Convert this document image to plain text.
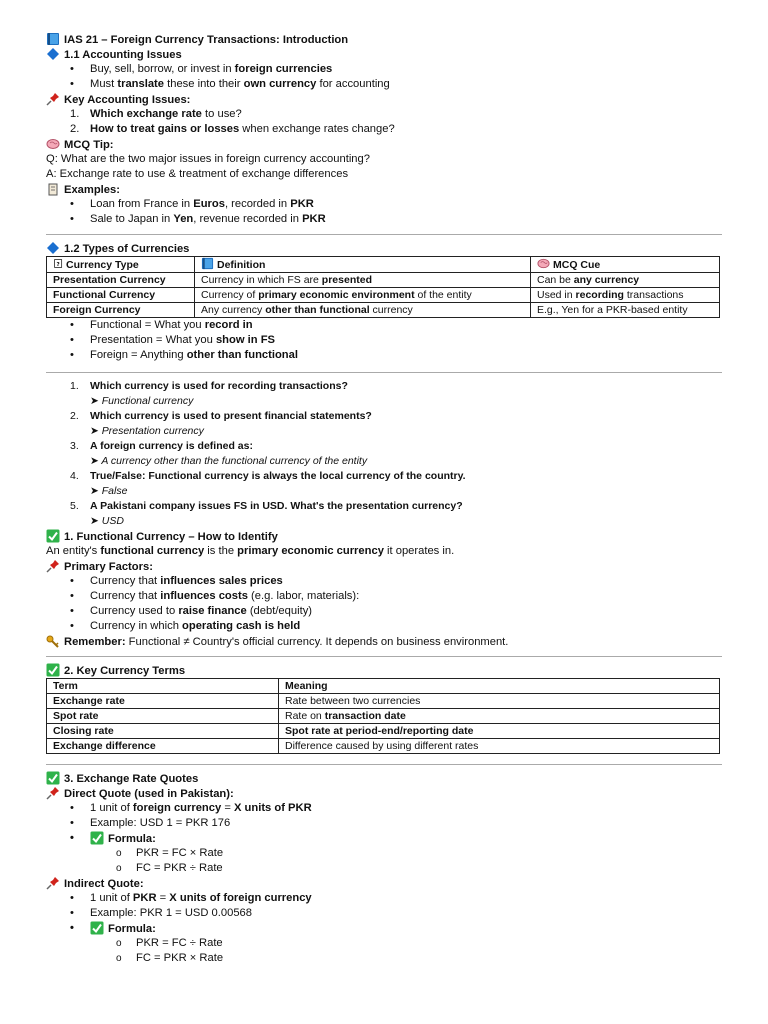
IAS 21 – Foreign Currency Transactions: Introduction
1.1 Accounting Issues
• Buy, sell, borrow, or invest in foreign currencies
• Must translate these into their own currency for accounting
Key Accounting Issues:
1. Which exchange rate to use?
2. How to treat gains or losses when exchange rates change?
MCQ Tip:
Q: What are the two major issues in foreign currency accounting?
A: Exchange rate to use & treatment of exchange differences
Examples:
• Loan from France in Euros, recorded in PKR
• Sale to Japan in Yen, revenue recorded in PKR
1.2 Types of Currencies
Currency Type	Definition	MCQ Cue
Presentation Currency	Currency in which FS are presented	Can be any currency
Functional Currency	Currency of primary economic environment of the entity	Used in recording transactions
Foreign Currency	Any currency other than functional currency	E.g., Yen for a PKR-based entity
• Functional = What you record in
• Presentation = What you show in FS
• Foreign = Anything other than functional
1. Which currency is used for recording transactions?
➤ Functional currency
2. Which currency is used to present financial statements?
➤ Presentation currency
3. A foreign currency is defined as:
➤ A currency other than the functional currency of the entity
4. True/False: Functional currency is always the local currency of the country.
➤ False
5. A Pakistani company issues FS in USD. What's the presentation currency?
➤ USD
1. Functional Currency – How to Identify
An entity's functional currency is the primary economic currency it operates in.
Primary Factors:
• Currency that influences sales prices
• Currency that influences costs (e.g. labor, materials):
• Currency used to raise finance (debt/equity)
• Currency in which operating cash is held
Remember: Functional ≠ Country's official currency. It depends on business environment.
2. Key Currency Terms
Term	Meaning
Exchange rate	Rate between two currencies
Spot rate	Rate on transaction date
Closing rate	Spot rate at period-end/reporting date
Exchange difference	Difference caused by using different rates
3. Exchange Rate Quotes
Direct Quote (used in Pakistan):
• 1 unit of foreign currency = X units of PKR
• Example: USD 1 = PKR 176
• Formula:
o PKR = FC × Rate
o FC = PKR ÷ Rate
Indirect Quote:
• 1 unit of PKR = X units of foreign currency
• Example: PKR 1 = USD 0.00568
• Formula:
o PKR = FC ÷ Rate
o FC = PKR × Rate
